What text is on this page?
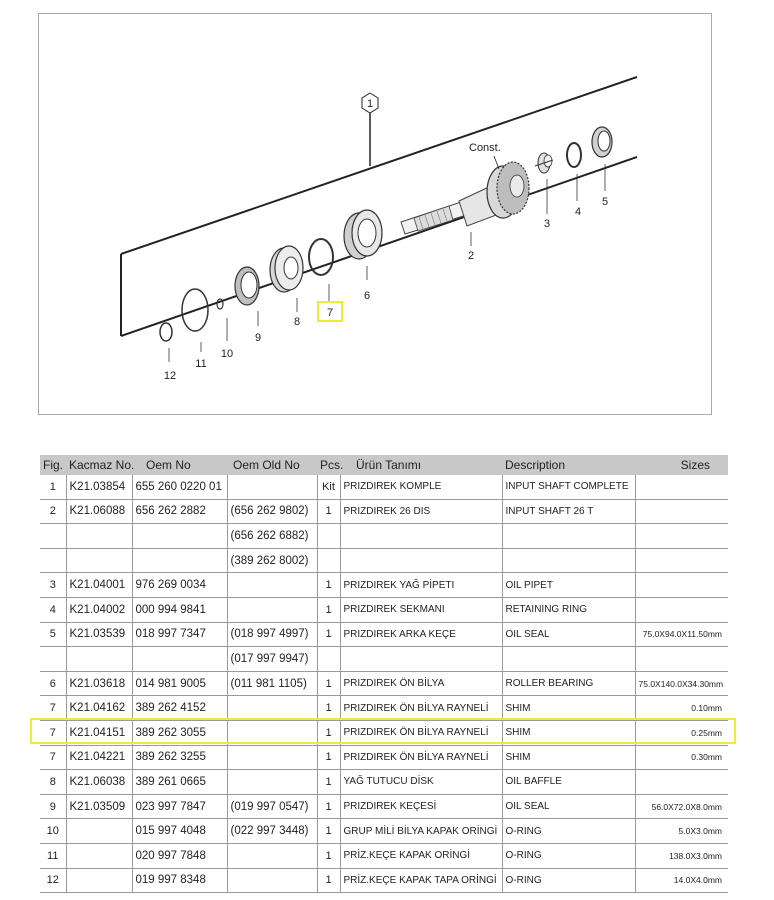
1
Const.
2
3
4
5
6
8
9
10
11
12
7
Fig.	Kacmaz No.	Oem No	Oem Old No	Pcs.	Ürün Tanımı	Description	Sizes
1	K21.03854	655 260 0220 01		Kit	PRIZDIREK KOMPLE	INPUT SHAFT COMPLETE	
2	K21.06088	656 262 2882	(656 262 9802)	1	PRIZDIREK 26 DIS	INPUT SHAFT 26 T	
			(656 262 6882)				
			(389 262 8002)				
3	K21.04001	976 269 0034		1	PRIZDIREK YAĞ PİPETI	OIL PIPET	
4	K21.04002	000 994 9841		1	PRIZDIREK SEKMANI	RETAINING RING	
5	K21.03539	018 997 7347	(018 997 4997)	1	PRIZDIREK ARKA KEÇE	OIL SEAL	75.0X94.0X11.50mm
			(017 997 9947)				
6	K21.03618	014 981 9005	(011 981 1105)	1	PRIZDIREK ÖN BİLYA	ROLLER BEARING	75.0X140.0X34.30mm
7	K21.04162	389 262 4152		1	PRIZDIREK ÖN BİLYA RAYNELİ	SHIM	0.10mm
7	K21.04151	389 262 3055		1	PRIZDIREK ÖN BİLYA RAYNELİ	SHIM	0.25mm
7	K21.04221	389 262 3255		1	PRIZDIREK ÖN BİLYA RAYNELİ	SHIM	0.30mm
8	K21.06038	389 261 0665		1	YAĞ TUTUCU DİSK	OIL BAFFLE	
9	K21.03509	023 997 7847	(019 997 0547)	1	PRIZDIREK KEÇESİ	OIL SEAL	56.0X72.0X8.0mm
10		015 997 4048	(022 997 3448)	1	GRUP MİLİ BİLYA KAPAK ORİNGİ	O-RING	5.0X3.0mm
11		020 997 7848		1	PRİZ.KEÇE KAPAK ORİNGİ	O-RING	138.0X3.0mm
12		019 997 8348		1	PRİZ.KEÇE KAPAK TAPA ORİNGİ	O-RING	14.0X4.0mm
